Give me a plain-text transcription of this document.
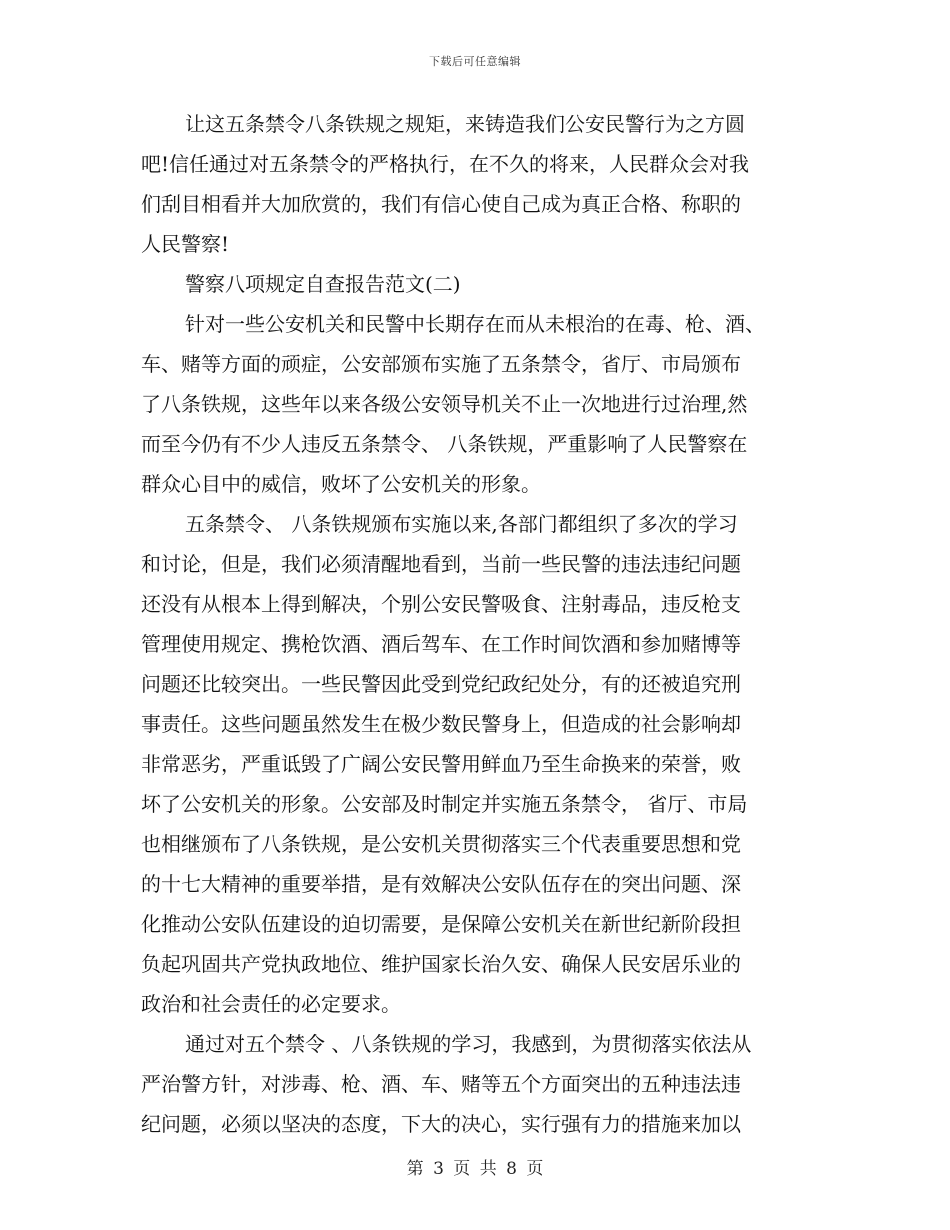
下载后可任意编辑
让这五条禁令八条铁规之规矩，来铸造我们公安民警行为之方圆
吧!信任通过对五条禁令的严格执行，在不久的将来，人民群众会对我
们刮目相看并大加欣赏的，我们有信心使自己成为真正合格、称职的
人民警察!
警察八项规定自查报告范文(二)
针对一些公安机关和民警中长期存在而从未根治的在毒、枪、酒、
车、赌等方面的顽症，公安部颁布实施了五条禁令，省厅、市局颁布
了八条铁规，这些年以来各级公安领导机关不止一次地进行过治理,然
而至今仍有不少人违反五条禁令、 八条铁规，严重影响了人民警察在
群众心目中的威信，败坏了公安机关的形象。
五条禁令、 八条铁规颁布实施以来,各部门都组织了多次的学习
和讨论，但是，我们必须清醒地看到，当前一些民警的违法违纪问题
还没有从根本上得到解决，个别公安民警吸食、注射毒品，违反枪支
管理使用规定、携枪饮酒、酒后驾车、在工作时间饮酒和参加赌博等
问题还比较突出。一些民警因此受到党纪政纪处分，有的还被追究刑
事责任。这些问题虽然发生在极少数民警身上，但造成的社会影响却
非常恶劣，严重诋毁了广阔公安民警用鲜血乃至生命换来的荣誉，败
坏了公安机关的形象。公安部及时制定并实施五条禁令， 省厅、市局
也相继颁布了八条铁规，是公安机关贯彻落实三个代表重要思想和党
的十七大精神的重要举措，是有效解决公安队伍存在的突出问题、深
化推动公安队伍建设的迫切需要，是保障公安机关在新世纪新阶段担
负起巩固共产党执政地位、维护国家长治久安、确保人民安居乐业的
政治和社会责任的必定要求。
通过对五个禁令 、八条铁规的学习，我感到，为贯彻落实依法从
严治警方针，对涉毒、枪、酒、车、赌等五个方面突出的五种违法违
纪问题，必须以坚决的态度，下大的决心，实行强有力的措施来加以
第 3 页 共 8 页
